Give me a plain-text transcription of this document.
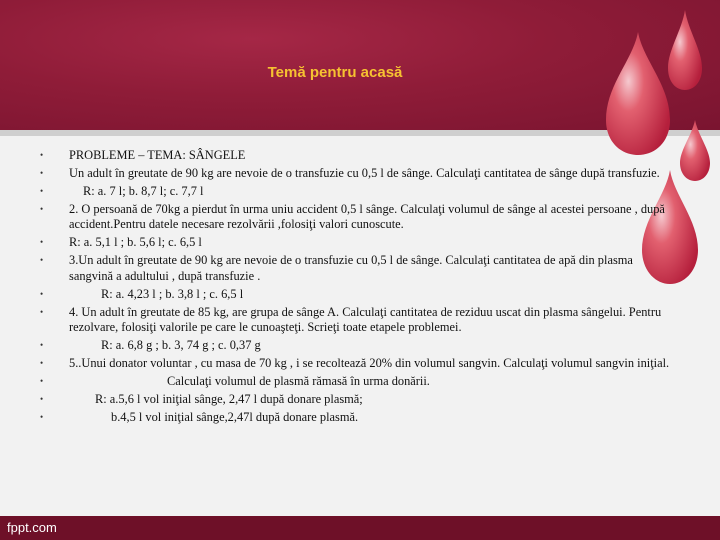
Temă pentru acasă
• PROBLEME – TEMA: SÂNGELE
• Un adult în greutate de 90 kg are nevoie de o transfuzie cu 0,5 l de sânge. Calculaţi cantitatea de sânge după transfuzie.
•	R: a. 7 l; b. 8,7 l; c. 7,7 l
• 2. O persoană de 70kg a pierdut în urma uniu accident 0,5 l sânge. Calculaţi volumul de sânge al acestei persoane , după accident.Pentru datele necesare rezolvării ,folosiţi valori cunoscute.
• R: a. 5,1 l ; b. 5,6 l; c. 6,5 l
• 3.Un adult în greutate de 90 kg are nevoie de o transfuzie cu 0,5 l de sânge. Calculaţi cantitatea de apă din plasma sangvină a adultului , după transfuzie .
•	R: a. 4,23 l ; b. 3,8 l ; c. 6,5 l
• 4. Un adult în greutate de 85 kg, are grupa de sânge A. Calculaţi cantitatea de reziduu uscat din plasma sângelui. Pentru rezolvare, folosiţi valorile pe care le cunoaşteţi. Scrieţi toate etapele problemei.
•	R: a. 6,8 g ; b. 3, 74 g ; c. 0,37 g
• 5..Unui donator voluntar , cu masa de 70 kg , i se recoltează 20% din volumul sangvin. Calculaţi volumul sangvin iniţial.
•	Calculaţi volumul de plasmă rămasă în urma donării.
•	R: a.5,6 l vol iniţial sânge, 2,47 l după donare plasmă;
•	b.4,5 l vol iniţial sânge,2,47l după donare plasmă.
fppt.com
